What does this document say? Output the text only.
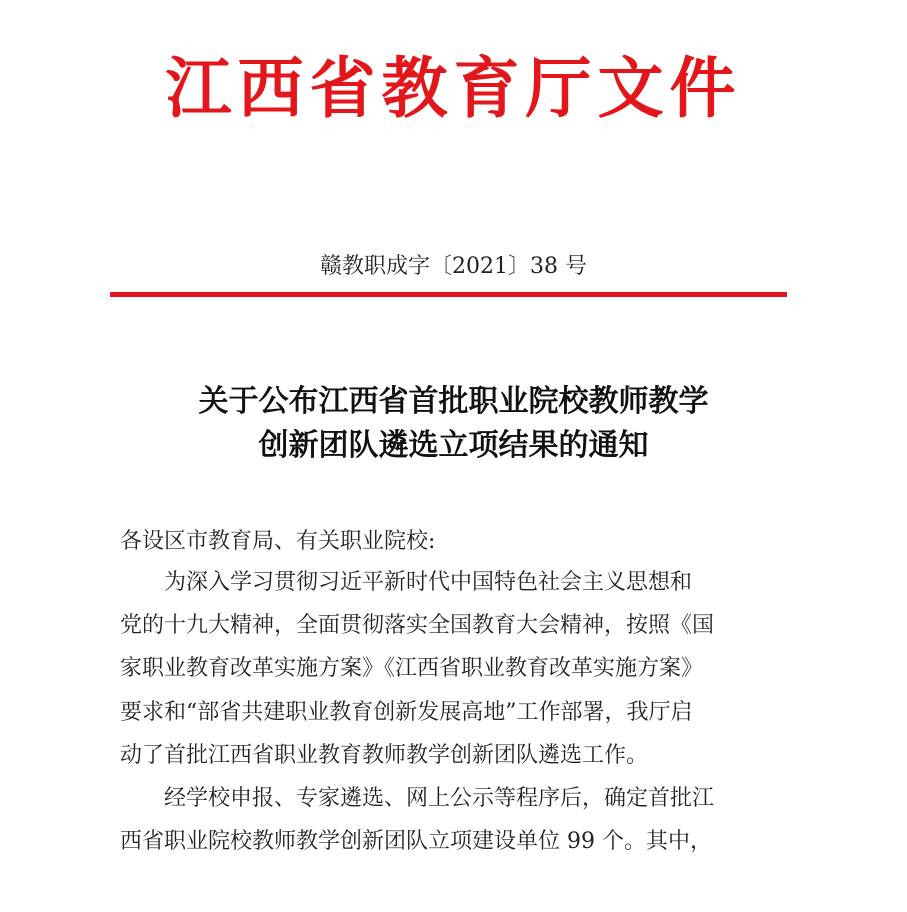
江西省教育厅文件
赣教职成字〔2021〕38 号
关于公布江西省首批职业院校教师教学
创新团队遴选立项结果的通知
各设区市教育局、有关职业院校:
为深入学习贯彻习近平新时代中国特色社会主义思想和
党的十九大精神，全面贯彻落实全国教育大会精神，按照《国
家职业教育改革实施方案》《江西省职业教育改革实施方案》
要求和“部省共建职业教育创新发展高地”工作部署，我厅启
动了首批江西省职业教育教师教学创新团队遴选工作。
经学校申报、专家遴选、网上公示等程序后，确定首批江
西省职业院校教师教学创新团队立项建设单位 99 个。其中，
